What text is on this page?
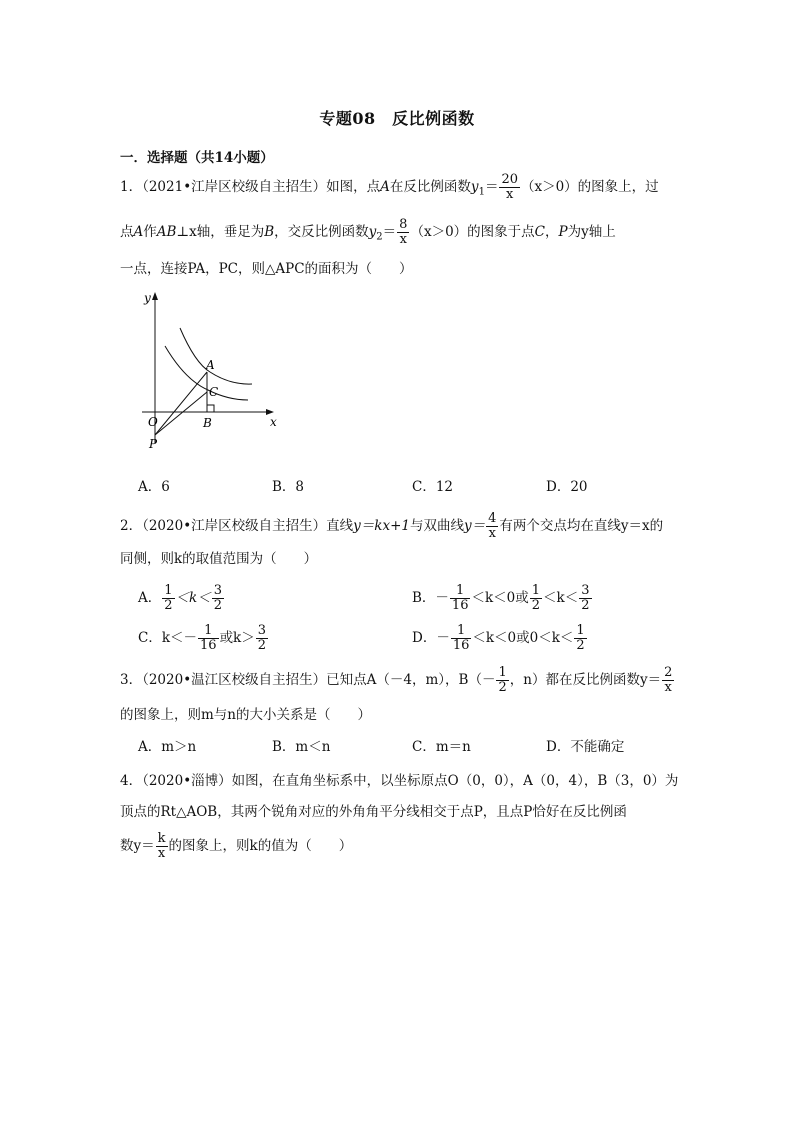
专题08　反比例函数
一．选择题（共14小题）
1．（2021•江岸区校级自主招生）如图，点A在反比例函数$y_1= \frac{20}{x} (x>0)$的图象上，过
点A作AB⊥x轴，垂足为B，交反比例函数$y_2= \frac{8}{x} (x>0)$的图象于点C，P为y轴上
一点，连接PA，PC，则△APC的面积为（　　）
y
x
O
A
C
B
P
A．6	B．8	C．12	D．20
2．（2020•江岸区校级自主招生）直线y＝kx+1与双曲线$y= \frac{4}{x}$ 有两个交点均在直线y＝x的
同侧，则k的取值范围为（　　）
A． $\frac{1}{2} <k< \frac{3}{2}$	B．－ $\frac{1}{16} <k<0$或 $\frac{1}{2} <k< \frac{3}{2}$
C．$k<- \frac{1}{16}$ 或$k> \frac{3}{2}$	D．－ $\frac{1}{16} <k<0$或$0<k< \frac{1}{2}$
3．（2020•温江区校级自主招生）已知点A（－4，m），$B(- \frac{1}{2}$ ，n）都在反比例函数$y= \frac{2}{x}$
的图象上，则m与n的大小关系是（　　）
A．m＞n	B．m＜n	C．m＝n	D．不能确定
4．（2020•淄博）如图，在直角坐标系中，以坐标原点O（0，0），A（0，4），B（3，0）为
顶点的Rt△AOB，其两个锐角对应的外角角平分线相交于点P，且点P恰好在反比例函
数$y= \frac{k}{x}$ 的图象上，则k的值为（　　）
